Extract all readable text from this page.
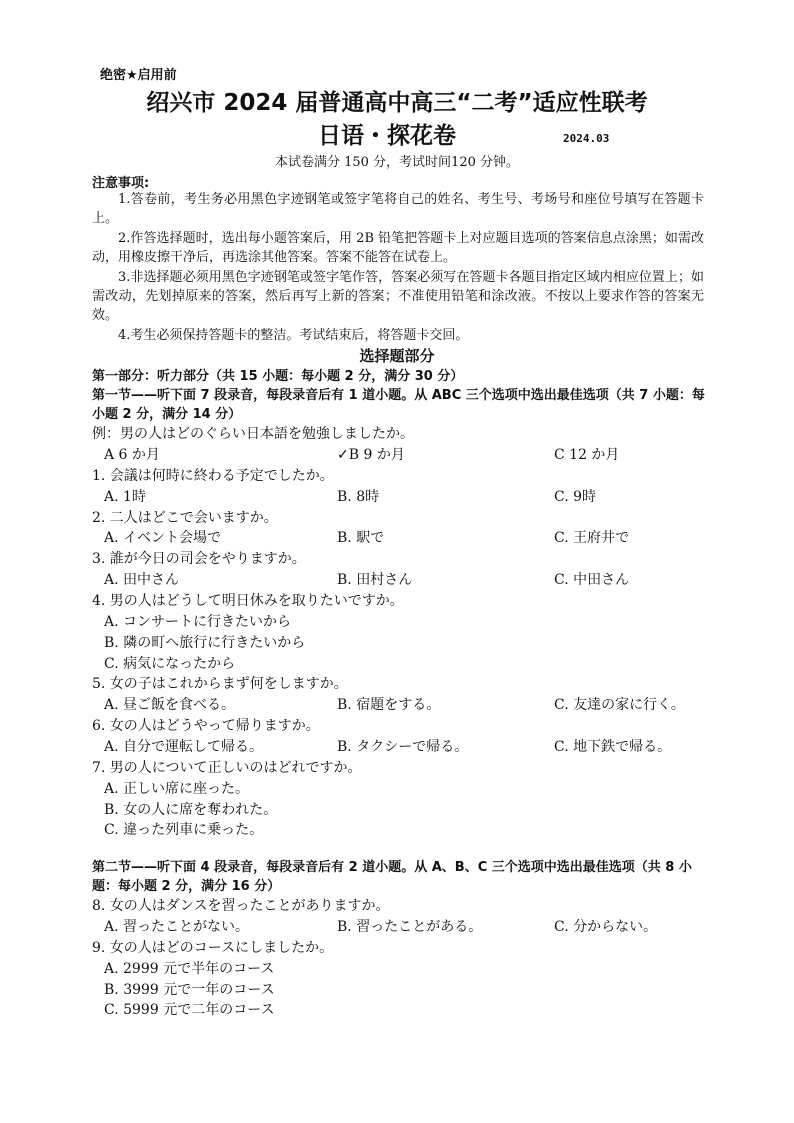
绝密★启用前
绍兴市 2024 届普通高中高三“二考”适应性联考
日语・探花卷	2024.03
本试卷满分 150 分，考试时间120 分钟。
注意事项:

1.答卷前，考生务必用黑色字迹钢笔或签字笔将自己的姓名、考生号、考场号和座位号填写在答题卡上。

2.作答选择题时，选出每小题答案后，用 2B 铅笔把答题卡上对应题目选项的答案信息点涂黑；如需改动，用橡皮擦干净后，再选涂其他答案。答案不能答在试卷上。

3.非选择题必须用黑色字迹钢笔或签字笔作答，答案必须写在答题卡各题目指定区域内相应位置上；如需改动，先划掉原来的答案，然后再写上新的答案；不准使用铅笔和涂改液。不按以上要求作答的答案无效。

4.考生必须保持答题卡的整洁。考试结束后，将答题卡交回。

选择题部分
第一部分：听力部分（共 15 小题：每小题 2 分，满分 30 分）
第一节——听下面 7 段录音，每段录音后有 1 道小题。从 ABC 三个选项中选出最佳选项（共 7 小题：每小题 2 分，满分 14 分）
例：男の人はどのぐらい日本語を勉強しましたか。
A 6 か月	✓B 9 か月	C 12 か月
1. 会議は何時に終わる予定でしたか。
A. 1時	B. 8時	C. 9時
2. 二人はどこで会いますか。
A. イベント会場で	B. 駅で	C. 王府井で
3. 誰が今日の司会をやりますか。
A. 田中さん	B. 田村さん	C. 中田さん
4. 男の人はどうして明日休みを取りたいですか。
A. コンサートに行きたいから
B. 隣の町へ旅行に行きたいから
C. 病気になったから
5. 女の子はこれからまず何をしますか。
A. 昼ご飯を食べる。	B. 宿題をする。	C. 友達の家に行く。
6. 女の人はどうやって帰りますか。
A. 自分で運転して帰る。	B. タクシーで帰る。	C. 地下鉄で帰る。
7. 男の人について正しいのはどれですか。
A. 正しい席に座った。
B. 女の人に席を奪われた。
C. 違った列車に乗った。
第二节——听下面 4 段录音，每段录音后有 2 道小题。从 A、B、C 三个选项中选出最佳选项（共 8 小题：每小题 2 分，满分 16 分）
8. 女の人はダンスを習ったことがありますか。
A. 習ったことがない。	B. 習ったことがある。	C. 分からない。
9. 女の人はどのコースにしましたか。
A. 2999 元で半年のコース
B. 3999 元で一年のコース
C. 5999 元で二年のコース
